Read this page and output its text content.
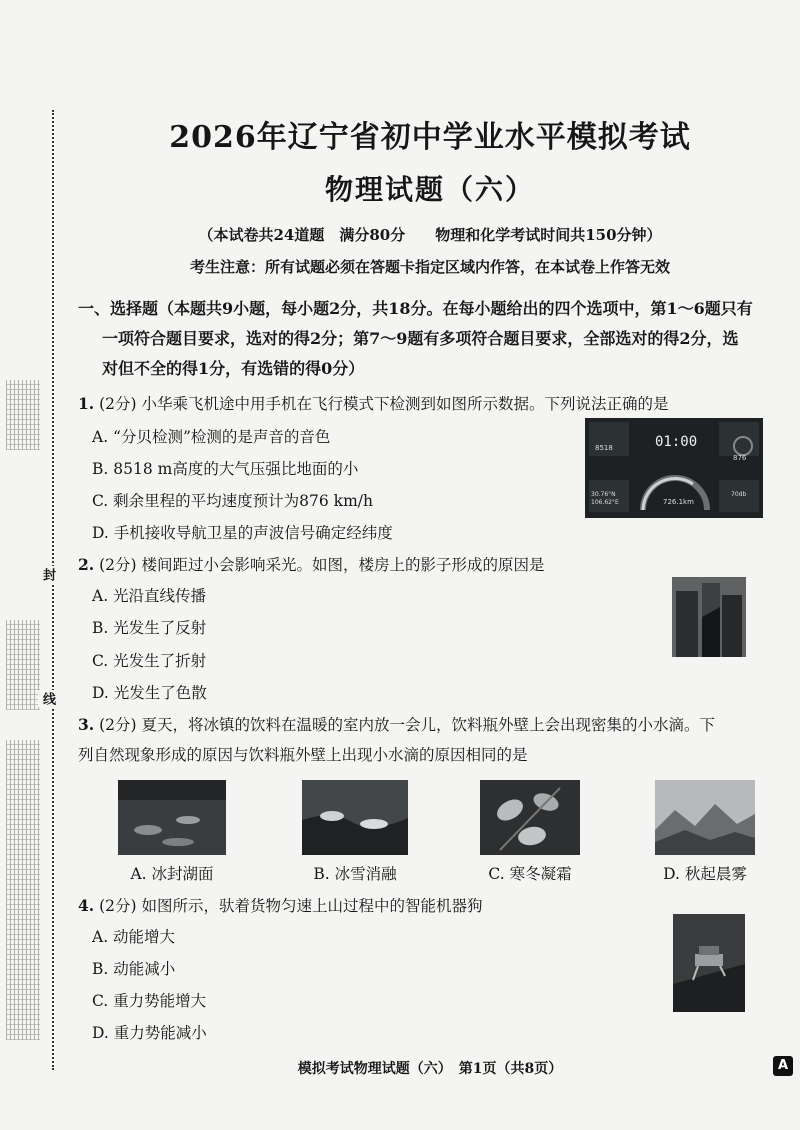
封
线
2026年辽宁省初中学业水平模拟考试
物理试题（六）
（本试卷共24道题　满分80分　　物理和化学考试时间共150分钟）
考生注意：所有试题必须在答题卡指定区域内作答，在本试卷上作答无效
一、选择题（本题共9小题，每小题2分，共18分。在每小题给出的四个选项中，第1～6题只有
一项符合题目要求，选对的得2分；第7～9题有多项符合题目要求，全部选对的得2分，选
对但不全的得1分，有选错的得0分）
1. (2分) 小华乘飞机途中用手机在飞行模式下检测到如图所示数据。下列说法正确的是
A. “分贝检测”检测的是声音的音色
B. 8518 m高度的大气压强比地面的小
C. 剩余里程的平均速度预计为876 km/h
D. 手机接收导航卫星的声波信号确定经纬度
8518	01:00
876
30.76°N
106.62°E	726.1km
70db
2. (2分) 楼间距过小会影响采光。如图，楼房上的影子形成的原因是
A. 光沿直线传播
B. 光发生了反射
C. 光发生了折射
D. 光发生了色散
3. (2分) 夏天，将冰镇的饮料在温暖的室内放一会儿，饮料瓶外壁上会出现密集的小水滴。下
列自然现象形成的原因与饮料瓶外壁上出现小水滴的原因相同的是
A. 冰封湖面	B. 冰雪消融	C. 寒冬凝霜	D. 秋起晨雾
4. (2分) 如图所示，驮着货物匀速上山过程中的智能机器狗
A. 动能增大
B. 动能减小
C. 重力势能增大
D. 重力势能减小
模拟考试物理试题（六）　第1页（共8页）	A
